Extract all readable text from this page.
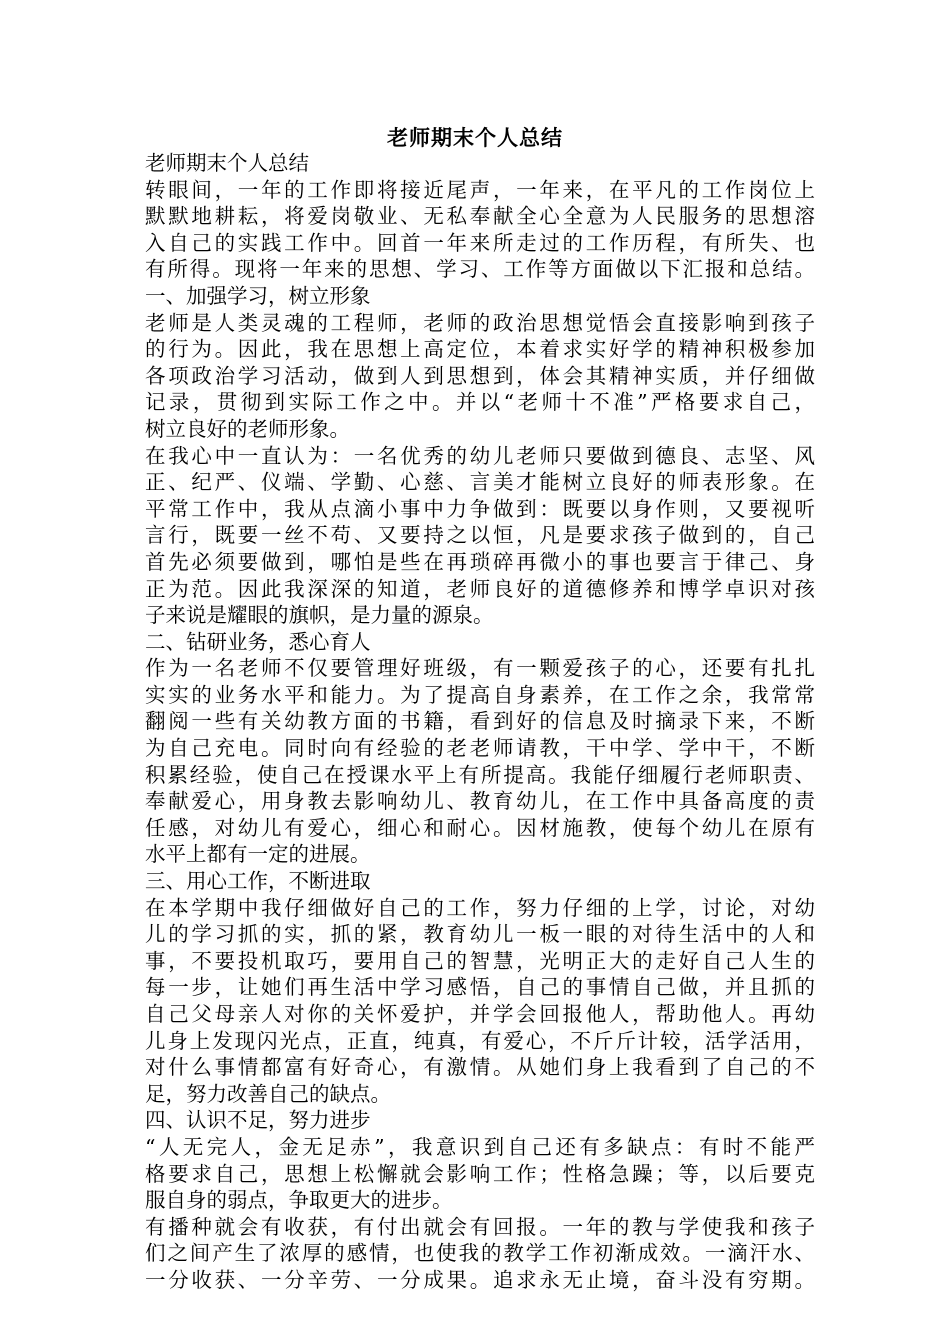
老师期末个人总结
老师期末个人总结
转眼间，一年的工作即将接近尾声，一年来，在平凡的工作岗位上
默默地耕耘，将爱岗敬业、无私奉献全心全意为人民服务的思想溶
入自己的实践工作中。回首一年来所走过的工作历程，有所失、也
有所得。现将一年来的思想、学习、工作等方面做以下汇报和总结。
一、加强学习，树立形象
老师是人类灵魂的工程师，老师的政治思想觉悟会直接影响到孩子
的行为。因此，我在思想上高定位，本着求实好学的精神积极参加
各项政治学习活动，做到人到思想到，体会其精神实质，并仔细做
记录，贯彻到实际工作之中。并以“老师十不准”严格要求自己，
树立良好的老师形象。
在我心中一直认为：一名优秀的幼儿老师只要做到德良、志坚、风
正、纪严、仪端、学勤、心慈、言美才能树立良好的师表形象。在
平常工作中，我从点滴小事中力争做到：既要以身作则，又要视听
言行，既要一丝不苟、又要持之以恒，凡是要求孩子做到的，自己
首先必须要做到，哪怕是些在再琐碎再微小的事也要言于律己、身
正为范。因此我深深的知道，老师良好的道德修养和博学卓识对孩
子来说是耀眼的旗帜，是力量的源泉。
二、钻研业务，悉心育人
作为一名老师不仅要管理好班级，有一颗爱孩子的心，还要有扎扎
实实的业务水平和能力。为了提高自身素养，在工作之余，我常常
翻阅一些有关幼教方面的书籍，看到好的信息及时摘录下来，不断
为自己充电。同时向有经验的老老师请教，干中学、学中干，不断
积累经验，使自己在授课水平上有所提高。我能仔细履行老师职责、
奉献爱心，用身教去影响幼儿、教育幼儿，在工作中具备高度的责
任感，对幼儿有爱心，细心和耐心。因材施教，使每个幼儿在原有
水平上都有一定的进展。
三、用心工作，不断进取
在本学期中我仔细做好自己的工作，努力仔细的上学，讨论，对幼
儿的学习抓的实，抓的紧，教育幼儿一板一眼的对待生活中的人和
事，不要投机取巧，要用自己的智慧，光明正大的走好自己人生的
每一步，让她们再生活中学习感悟，自己的事情自己做，并且抓的
自己父母亲人对你的关怀爱护，并学会回报他人，帮助他人。再幼
儿身上发现闪光点，正直，纯真，有爱心，不斤斤计较，活学活用，
对什么事情都富有好奇心，有激情。从她们身上我看到了自己的不
足，努力改善自己的缺点。
四、认识不足，努力进步
“人无完人，金无足赤”，我意识到自己还有多缺点：有时不能严
格要求自己，思想上松懈就会影响工作；性格急躁；等，以后要克
服自身的弱点，争取更大的进步。
有播种就会有收获，有付出就会有回报。一年的教与学使我和孩子
们之间产生了浓厚的感情，也使我的教学工作初渐成效。一滴汗水、
一分收获、一分辛劳、一分成果。追求永无止境，奋斗没有穷期。
